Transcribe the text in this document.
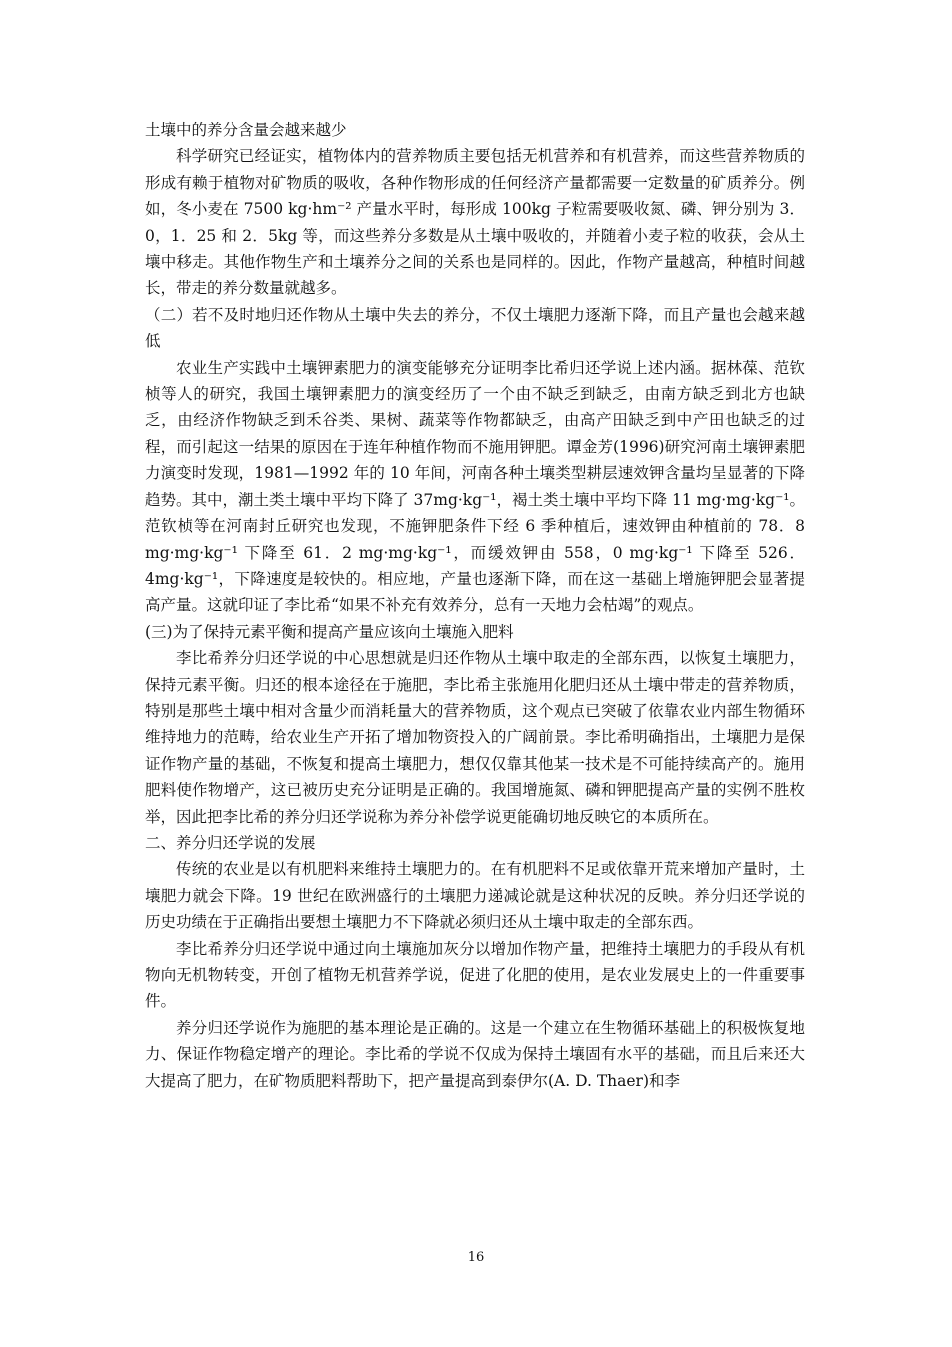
土壤中的养分含量会越来越少

科学研究已经证实，植物体内的营养物质主要包括无机营养和有机营养，而这些营养物质的形成有赖于植物对矿物质的吸收，各种作物形成的任何经济产量都需要一定数量的矿质养分。例如，冬小麦在 7500 kg·hm⁻² 产量水平时，每形成 100kg 子粒需要吸收氮、磷、钾分别为 3．0，1．25 和 2．5kg 等，而这些养分多数是从土壤中吸收的，并随着小麦子粒的收获，会从土壤中移走。其他作物生产和土壤养分之间的关系也是同样的。因此，作物产量越高，种植时间越长，带走的养分数量就越多。

（二）若不及时地归还作物从土壤中失去的养分，不仅土壤肥力逐渐下降，而且产量也会越来越低

农业生产实践中土壤钾素肥力的演变能够充分证明李比希归还学说上述内涵。据林葆、范钦桢等人的研究，我国土壤钾素肥力的演变经历了一个由不缺乏到缺乏，由南方缺乏到北方也缺乏，由经济作物缺乏到禾谷类、果树、蔬菜等作物都缺乏，由高产田缺乏到中产田也缺乏的过程，而引起这一结果的原因在于连年种植作物而不施用钾肥。谭金芳(1996)研究河南土壤钾素肥力演变时发现，1981—1992 年的 10 年间，河南各种土壤类型耕层速效钾含量均呈显著的下降趋势。其中，潮土类土壤中平均下降了 37mg·kg⁻¹，褐土类土壤中平均下降 11 mg·mg·kg⁻¹。范钦桢等在河南封丘研究也发现，不施钾肥条件下经 6 季种植后，速效钾由种植前的 78．8 mg·mg·kg⁻¹ 下降至 61．2 mg·mg·kg⁻¹，而缓效钾由 558，0 mg·kg⁻¹ 下降至 526．4mg·kg⁻¹，下降速度是较快的。相应地，产量也逐渐下降，而在这一基础上增施钾肥会显著提高产量。这就印证了李比希“如果不补充有效养分，总有一天地力会枯竭”的观点。

(三)为了保持元素平衡和提高产量应该向土壤施入肥料

李比希养分归还学说的中心思想就是归还作物从土壤中取走的全部东西，以恢复土壤肥力，保持元素平衡。归还的根本途径在于施肥，李比希主张施用化肥归还从土壤中带走的营养物质，特别是那些土壤中相对含量少而消耗量大的营养物质，这个观点已突破了依靠农业内部生物循环维持地力的范畴，给农业生产开拓了增加物资投入的广阔前景。李比希明确指出，土壤肥力是保证作物产量的基础，不恢复和提高土壤肥力，想仅仅靠其他某一技术是不可能持续高产的。施用肥料使作物增产，这已被历史充分证明是正确的。我国增施氮、磷和钾肥提高产量的实例不胜枚举，因此把李比希的养分归还学说称为养分补偿学说更能确切地反映它的本质所在。

二、养分归还学说的发展

传统的农业是以有机肥料来维持土壤肥力的。在有机肥料不足或依靠开荒来增加产量时，土壤肥力就会下降。19 世纪在欧洲盛行的土壤肥力递减论就是这种状况的反映。养分归还学说的历史功绩在于正确指出要想土壤肥力不下降就必须归还从土壤中取走的全部东西。

李比希养分归还学说中通过向土壤施加灰分以增加作物产量，把维持土壤肥力的手段从有机物向无机物转变，开创了植物无机营养学说，促进了化肥的使用，是农业发展史上的一件重要事件。

养分归还学说作为施肥的基本理论是正确的。这是一个建立在生物循环基础上的积极恢复地力、保证作物稳定增产的理论。李比希的学说不仅成为保持土壤固有水平的基础，而且后来还大大提高了肥力，在矿物质肥料帮助下，把产量提高到泰伊尔(A. D. Thaer)和李

16
